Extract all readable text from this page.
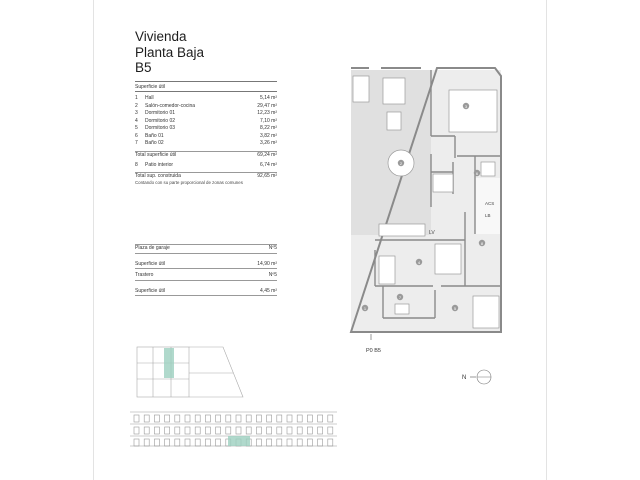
Vivienda
Planta Baja
B5
Superficie útil
1 Hall	5,14 m²
2 Salón-comedor-cocina	29,47 m²
3 Dormitorio 01	12,23 m²
4 Dormitorio 02	7,10 m²
5 Dormitorio 03	8,22 m²
6 Baño 01	3,82 m²
7 Baño 02	3,26 m²
Total superficie útil	69,24 m²
8 Patio interior	6,74 m²
Total sup. construida	92,65 m²
Contando con su parte proporcional de zonas comunes
Plaza de garaje	Nº5
Superficie útil	14,90 m²
Trastero	Nº5
Superficie útil	4,45 m²
LV
ACS
LB
1
2
3
4
5
6
7
8
P0 B5
N
